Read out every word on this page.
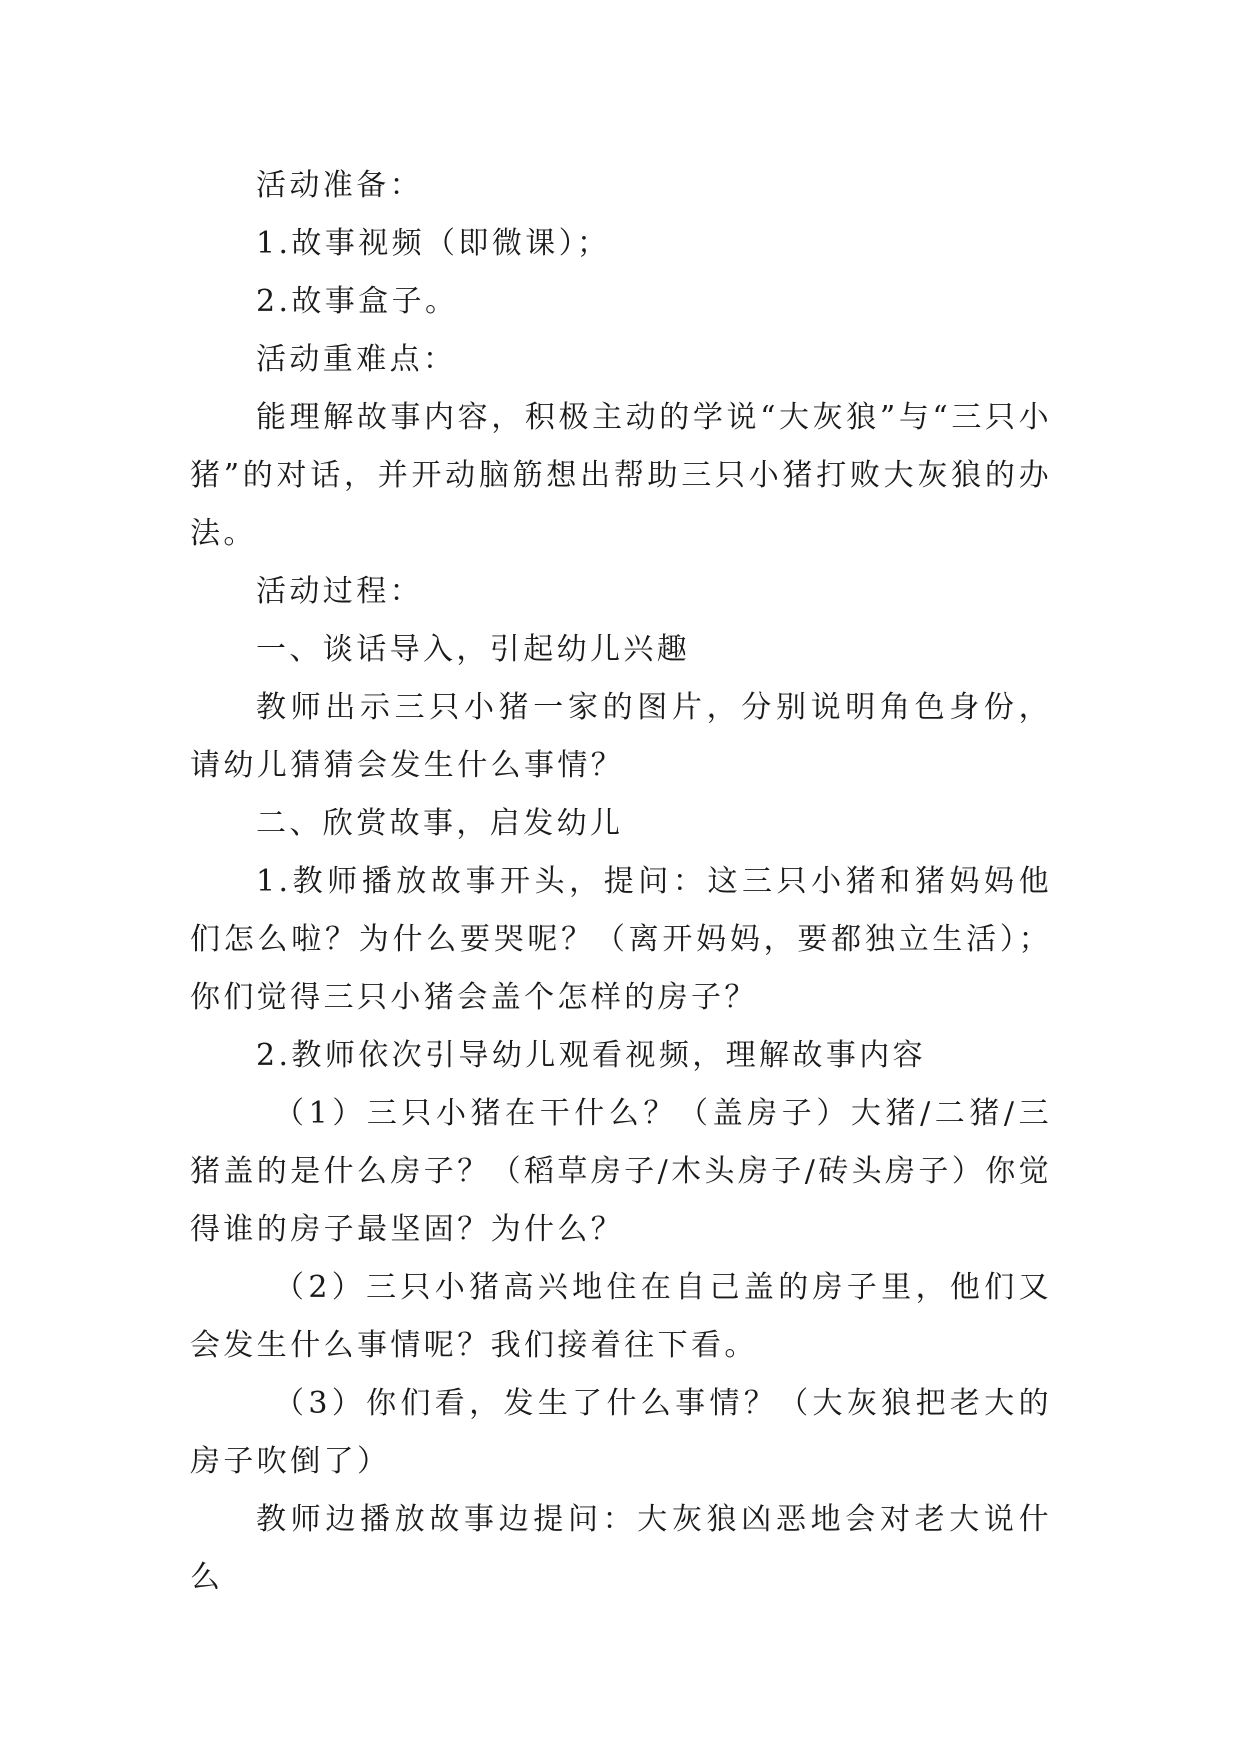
活动准备：

1.故事视频（即微课）；

2.故事盒子。

活动重难点：

能理解故事内容，积极主动的学说“大灰狼”与“三只小猪”的对话，并开动脑筋想出帮助三只小猪打败大灰狼的办法。

活动过程：

一、谈话导入，引起幼儿兴趣

教师出示三只小猪一家的图片，分别说明角色身份，请幼儿猜猜会发生什么事情？

二、欣赏故事，启发幼儿

1.教师播放故事开头，提问：这三只小猪和猪妈妈他们怎么啦？为什么要哭呢？（离开妈妈，要都独立生活）；你们觉得三只小猪会盖个怎样的房子？

2.教师依次引导幼儿观看视频，理解故事内容

（1）三只小猪在干什么？（盖房子）大猪/二猪/三猪盖的是什么房子？（稻草房子/木头房子/砖头房子）你觉得谁的房子最坚固？为什么？

（2）三只小猪高兴地住在自己盖的房子里，他们又会发生什么事情呢？我们接着往下看。

（3）你们看，发生了什么事情？（大灰狼把老大的房子吹倒了）

教师边播放故事边提问：大灰狼凶恶地会对老大说什么
